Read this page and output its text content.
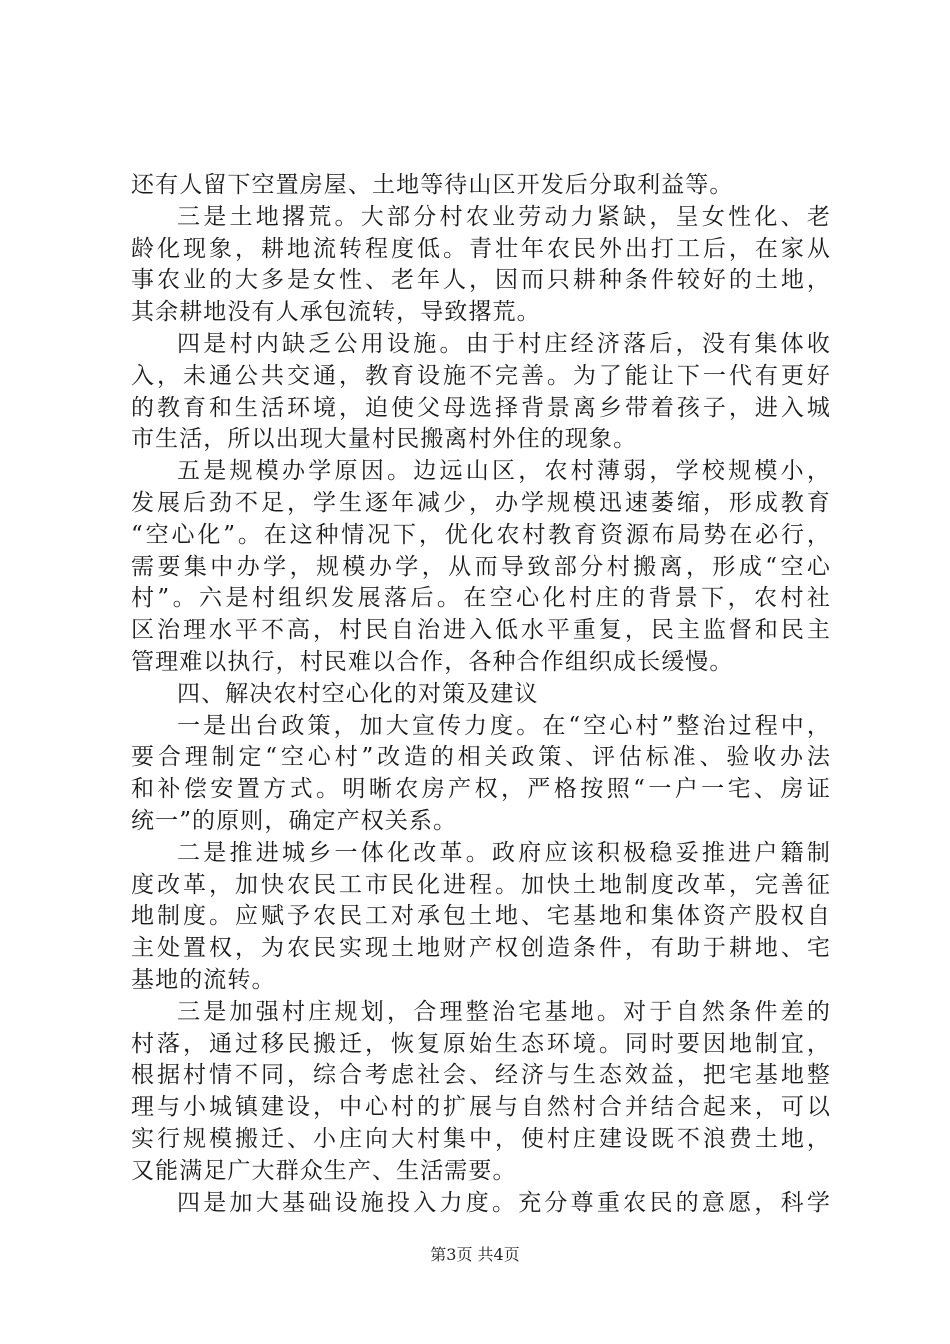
还有人留下空置房屋、土地等待山区开发后分取利益等。
三是土地撂荒。大部分村农业劳动力紧缺，呈女性化、老
龄化现象，耕地流转程度低。青壮年农民外出打工后，在家从
事农业的大多是女性、老年人，因而只耕种条件较好的土地，
其余耕地没有人承包流转，导致撂荒。
四是村内缺乏公用设施。由于村庄经济落后，没有集体收
入，未通公共交通，教育设施不完善。为了能让下一代有更好
的教育和生活环境，迫使父母选择背景离乡带着孩子，进入城
市生活，所以出现大量村民搬离村外住的现象。
五是规模办学原因。边远山区，农村薄弱，学校规模小，
发展后劲不足，学生逐年减少，办学规模迅速萎缩，形成教育
“空心化”。在这种情况下，优化农村教育资源布局势在必行，
需要集中办学，规模办学，从而导致部分村搬离，形成“空心
村”。六是村组织发展落后。在空心化村庄的背景下，农村社
区治理水平不高，村民自治进入低水平重复，民主监督和民主
管理难以执行，村民难以合作，各种合作组织成长缓慢。
四、解决农村空心化的对策及建议
一是出台政策，加大宣传力度。在“空心村”整治过程中，
要合理制定“空心村”改造的相关政策、评估标准、验收办法
和补偿安置方式。明晰农房产权，严格按照“一户一宅、房证
统一”的原则，确定产权关系。
二是推进城乡一体化改革。政府应该积极稳妥推进户籍制
度改革，加快农民工市民化进程。加快土地制度改革，完善征
地制度。应赋予农民工对承包土地、宅基地和集体资产股权自
主处置权，为农民实现土地财产权创造条件，有助于耕地、宅
基地的流转。
三是加强村庄规划，合理整治宅基地。对于自然条件差的
村落，通过移民搬迁，恢复原始生态环境。同时要因地制宜，
根据村情不同，综合考虑社会、经济与生态效益，把宅基地整
理与小城镇建设，中心村的扩展与自然村合并结合起来，可以
实行规模搬迁、小庄向大村集中，使村庄建设既不浪费土地，
又能满足广大群众生产、生活需要。
四是加大基础设施投入力度。充分尊重农民的意愿，科学
第3页 共4页
